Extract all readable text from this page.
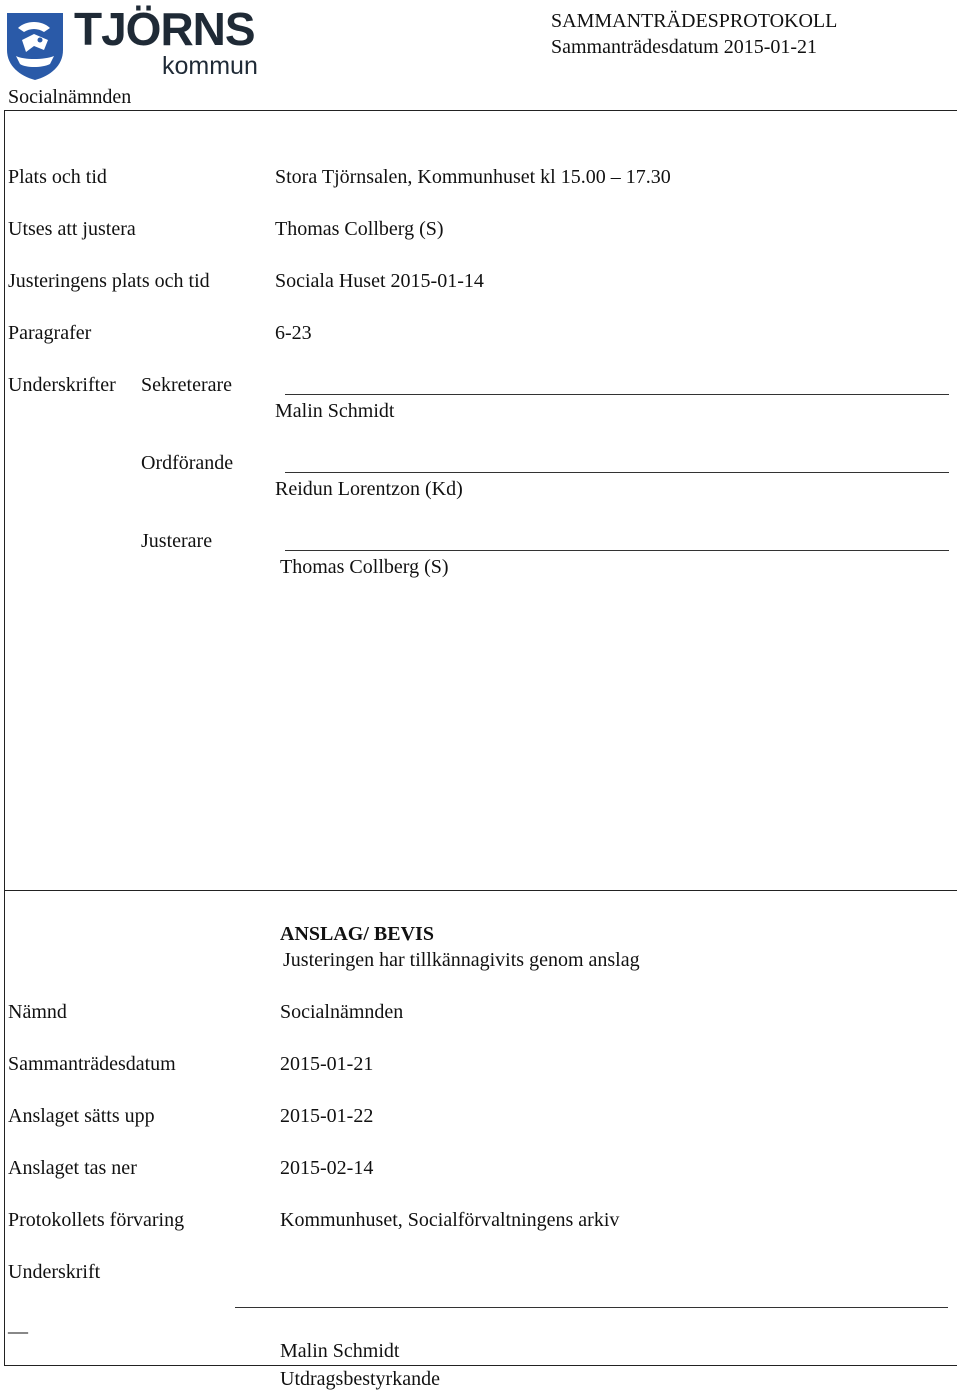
TJÖRNS
kommun
Socialnämnden
SAMMANTRÄDESPROTOKOLL
Sammanträdesdatum 2015-01-21
Plats och tid	Stora Tjörnsalen, Kommunhuset kl 15.00 – 17.30
Utses att justera	Thomas Collberg (S)
Justeringens plats och tid	Sociala Huset 2015-01-14
Paragrafer	6-23
Underskrifter Sekreterare
Malin Schmidt
Ordförande
Reidun Lorentzon (Kd)
Justerare
Thomas Collberg (S)
ANSLAG/ BEVIS
Justeringen har tillkännagivits genom anslag
Nämnd	Socialnämnden
Sammanträdesdatum	2015-01-21
Anslaget sätts upp	2015-01-22
Anslaget tas ner	2015-02-14
Protokollets förvaring	Kommunhuset, Socialförvaltningens arkiv
Underskrift
__
Malin Schmidt
Utdragsbestyrkande
